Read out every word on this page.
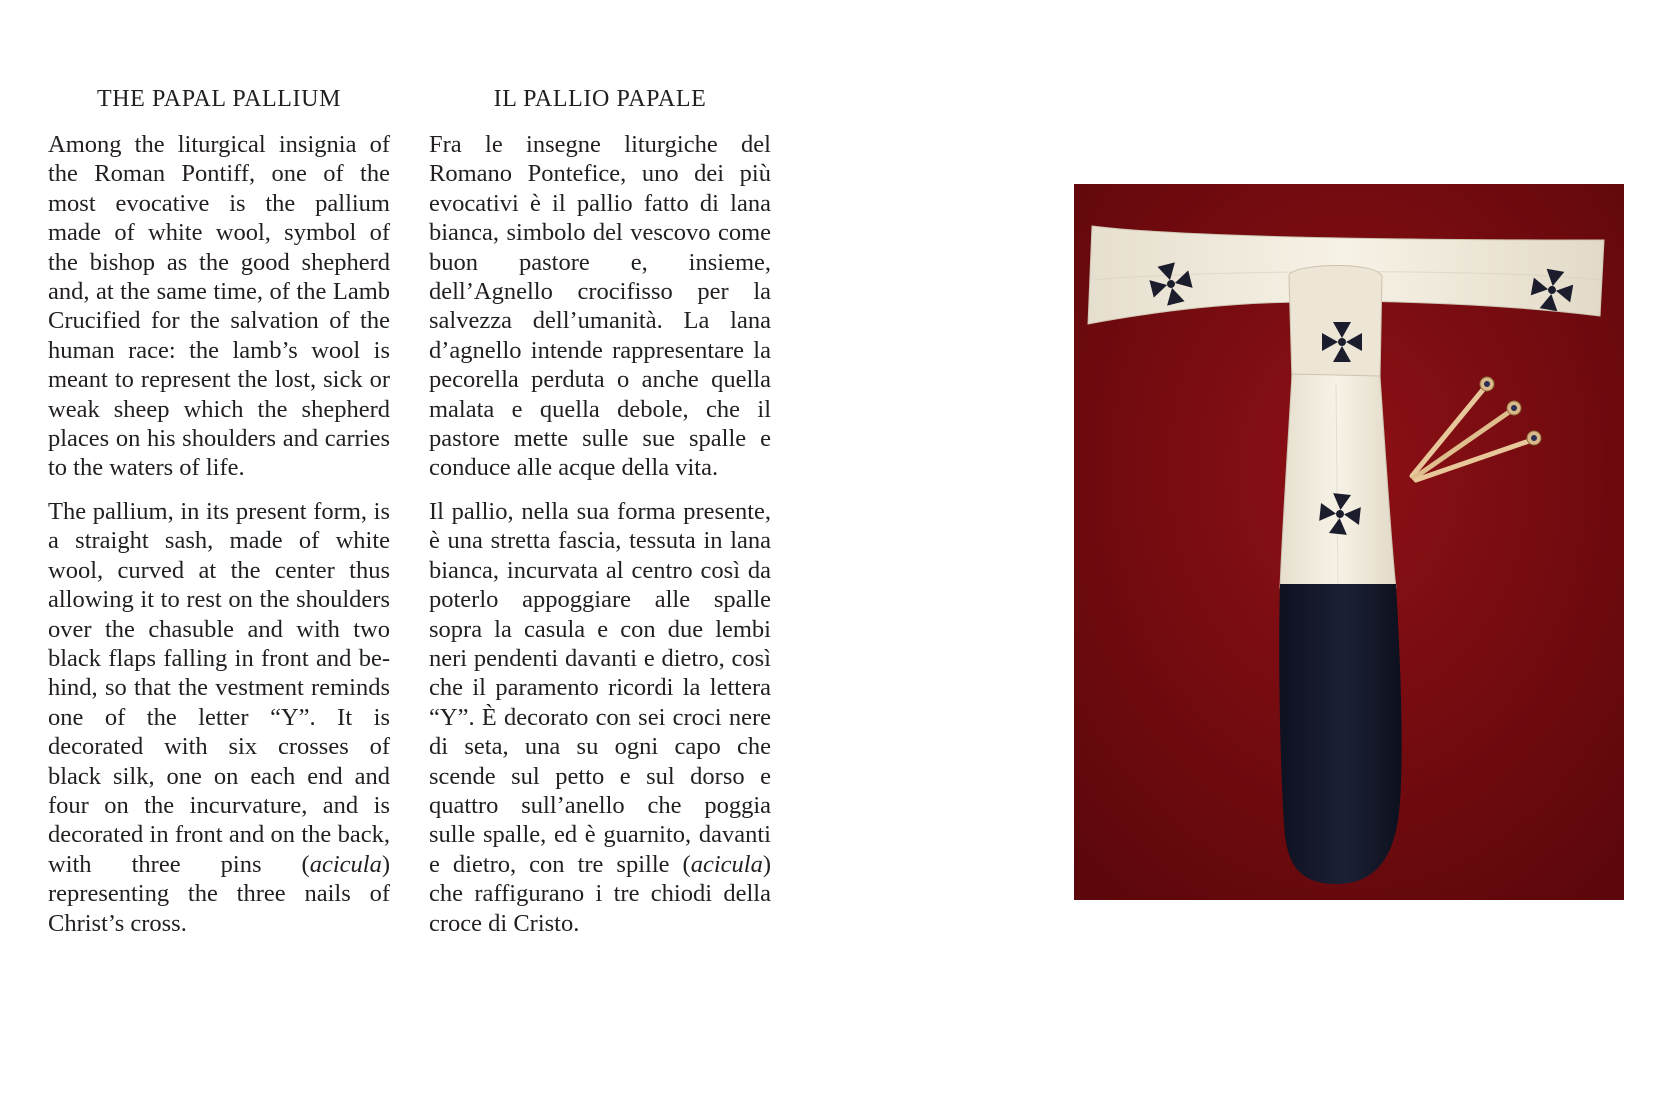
THE PAPAL PALLIUM

Among the liturgical insignia of the Roman Pontiff, one of the most evocative is the pallium made of white wool, symbol of the bishop as the good shepherd and, at the same time, of the Lamb Crucified for the salvation of the human race: the lamb’s wool is meant to represent the lost, sick or weak sheep which the shepherd places on his shoulders and carries to the waters of life.

The pallium, in its present form, is a straight sash, made of white wool, curved at the center thus allowing it to rest on the shoulders over the chasuble and with two black flaps falling in front and behind, so that the vestment reminds one of the letter “Y”. It is decorated with six crosses of black silk, one on each end and four on the incurvature, and is decorated in front and on the back, with three pins (acicula) representing the three nails of Christ’s cross.

IL PALLIO PAPALE

Fra le insegne liturgiche del Romano Pontefice, uno dei più evocativi è il pallio fatto di lana bianca, simbolo del vescovo come buon pastore e, insieme, dell’Agnello crocifisso per la salvezza dell’umanità. La lana d’agnello intende rappresentare la pecorella perduta o anche quella malata e quella debole, che il pastore mette sulle sue spalle e conduce alle acque della vita.

Il pallio, nella sua forma presente, è una stretta fascia, tessuta in lana bianca, incurvata al centro così da poterlo appoggiare alle spalle sopra la casula e con due lembi neri pendenti davanti e dietro, così che il paramento ricordi la lettera “Y”. È decorato con sei croci nere di seta, una su ogni capo che scende sul petto e sul dorso e quattro sull’anello che poggia sulle spalle, ed è guarnito, davanti e dietro, con tre spille (acicula) che raffigurano i tre chiodi della croce di Cristo.
